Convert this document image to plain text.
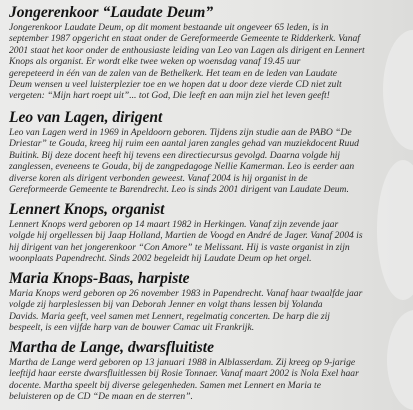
Jongerenkoor “Laudate Deum”
Jongerenkoor Laudate Deum, op dit moment bestaande uit ongeveer 65 leden, is in
september 1987 opgericht en staat onder de Gereformeerde Gemeente te Ridderkerk. Vanaf
2001 staat het koor onder de enthousiaste leiding van Leo van Lagen als dirigent en Lennert
Knops als organist. Er wordt elke twee weken op woensdag vanaf 19.45 uur
gerepeteerd in één van de zalen van de Bethelkerk. Het team en de leden van Laudate
Deum wensen u veel luisterplezier toe en we hopen dat u door deze vierde CD niet zult
vergeten: “Mijn hart roept uit”... tot God, Die leeft en aan mijn ziel het leven geeft!
Leo van Lagen, dirigent
Leo van Lagen werd in 1969 in Apeldoorn geboren. Tijdens zijn studie aan de PABO “De
Driestar” te Gouda, kreeg hij ruim een aantal jaren zangles gehad van muziekdocent Ruud
Buitink. Bij deze docent heeft hij tevens een directiecursus gevolgd. Daarna volgde hij
zanglessen, eveneens te Gouda, bij de zangpedagoge Nellie Kamerman. Leo is eerder aan
diverse koren als dirigent verbonden geweest. Vanaf 2004 is hij organist in de
Gereformeerde Gemeente te Barendrecht. Leo is sinds 2001 dirigent van Laudate Deum.
Lennert Knops, organist
Lennert Knops werd geboren op 14 maart 1982 in Herkingen. Vanaf zijn zevende jaar
volgde hij orgellessen bij Jaap Holland, Martien de Voogd en André de Jager. Vanaf 2004 is
hij dirigent van het jongerenkoor “Con Amore” te Melissant. Hij is vaste organist in zijn
woonplaats Papendrecht. Sinds 2002 begeleidt hij Laudate Deum op het orgel.
Maria Knops-Baas, harpiste
Maria Knops werd geboren op 26 november 1983 in Papendrecht. Vanaf haar twaalfde jaar
volgde zij harpleslessen bij van Deborah Jenner en volgt thans lessen bij Yolanda
Davids. Maria geeft, veel samen met Lennert, regelmatig concerten. De harp die zij
bespeelt, is een vijfde harp van de bouwer Camac uit Frankrijk.
Martha de Lange, dwarsfluitiste
Martha de Lange werd geboren op 13 januari 1988 in Alblasserdam. Zij kreeg op 9-jarige
leeftijd haar eerste dwarsfluitlessen bij Rosie Tonnaer. Vanaf maart 2002 is Nola Exel haar
docente. Martha speelt bij diverse gelegenheden. Samen met Lennert en Maria te
beluisteren op de CD “De maan en de sterren”.
